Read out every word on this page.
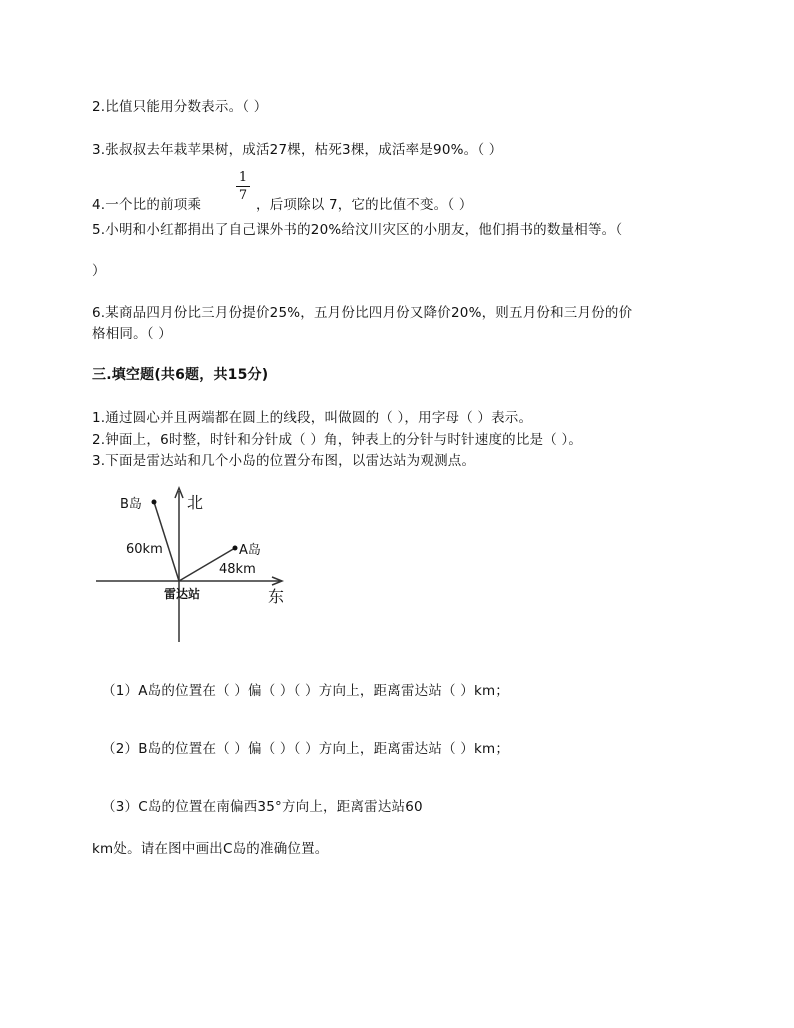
2.比值只能用分数表示。（ ）
3.张叔叔去年栽苹果树，成活27棵，枯死3棵，成活率是90%。（ ）
4.一个比的前项乘
1
7
，后项除以 7，它的比值不变。（ ）
5.小明和小红都捐出了自己课外书的20%给汶川灾区的小朋友，他们捐书的数量相等。（
）
6.某商品四月份比三月份提价25%，五月份比四月份又降价20%，则五月份和三月份的价
格相同。（ ）
三.填空题(共6题，共15分)
1.通过圆心并且两端都在圆上的线段，叫做圆的（ ），用字母（ ）表示。
2.钟面上，6时整，时针和分针成（ ）角，钟表上的分针与时针速度的比是（ ）。
3.下面是雷达站和几个小岛的位置分布图，以雷达站为观测点。
北
东
B岛
A岛
60km
48km
雷达站
（1）A岛的位置在（ ）偏（ ）（ ）方向上，距离雷达站（ ）km；
（2）B岛的位置在（ ）偏（ ）（ ）方向上，距离雷达站（ ）km；
（3）C岛的位置在南偏西35°方向上，距离雷达站60
km处。请在图中画出C岛的准确位置。
